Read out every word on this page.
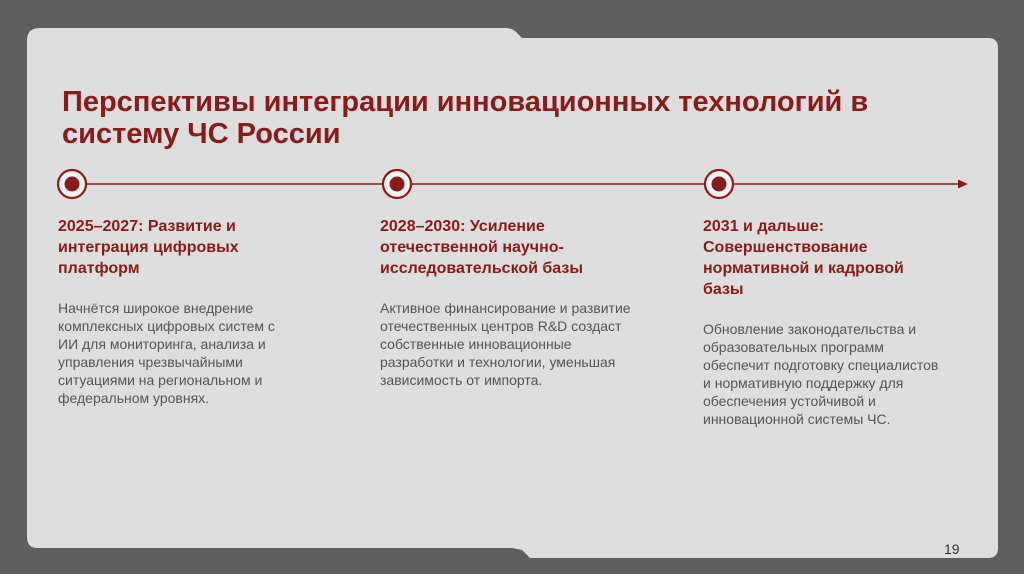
Перспективы интеграции инновационных технологий в систему ЧС России

2025–2027: Развитие и интеграция цифровых платформ

Начнётся широкое внедрение комплексных цифровых систем с ИИ для мониторинга, анализа и управления чрезвычайными ситуациями на региональном и федеральном уровнях.

2028–2030: Усиление отечественной научно-исследовательской базы

Активное финансирование и развитие отечественных центров R&D создаст собственные инновационные разработки и технологии, уменьшая зависимость от импорта.

2031 и дальше: Совершенствование нормативной и кадровой базы

Обновление законодательства и образовательных программ обеспечит подготовку специалистов и нормативную поддержку для обеспечения устойчивой и инновационной системы ЧС.

19
